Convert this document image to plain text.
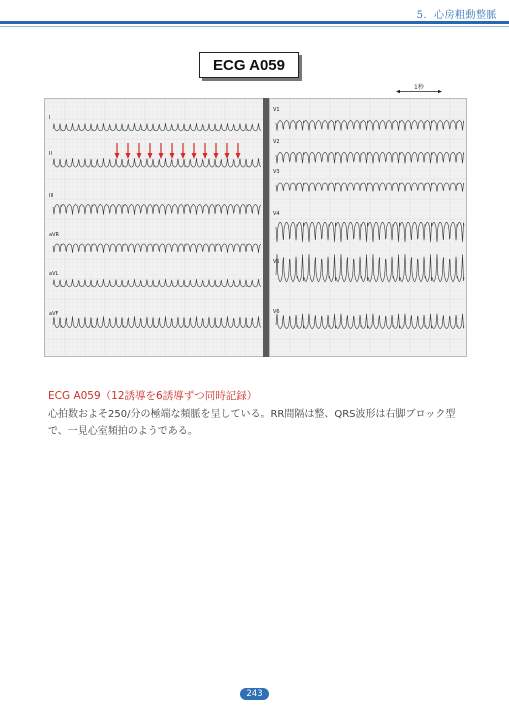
5．心房粗動整脈
ECG A059
1秒
I
II
III
aVR
aVL
aVF
V1
V2
V3
V4
V5
V6
ECG A059（12誘導を6誘導ずつ同時記録）
心拍数およそ250/分の極端な頻脈を呈している。RR間隔は整、QRS波形は右脚ブロック型で、一見心室頻拍のようである。
243
